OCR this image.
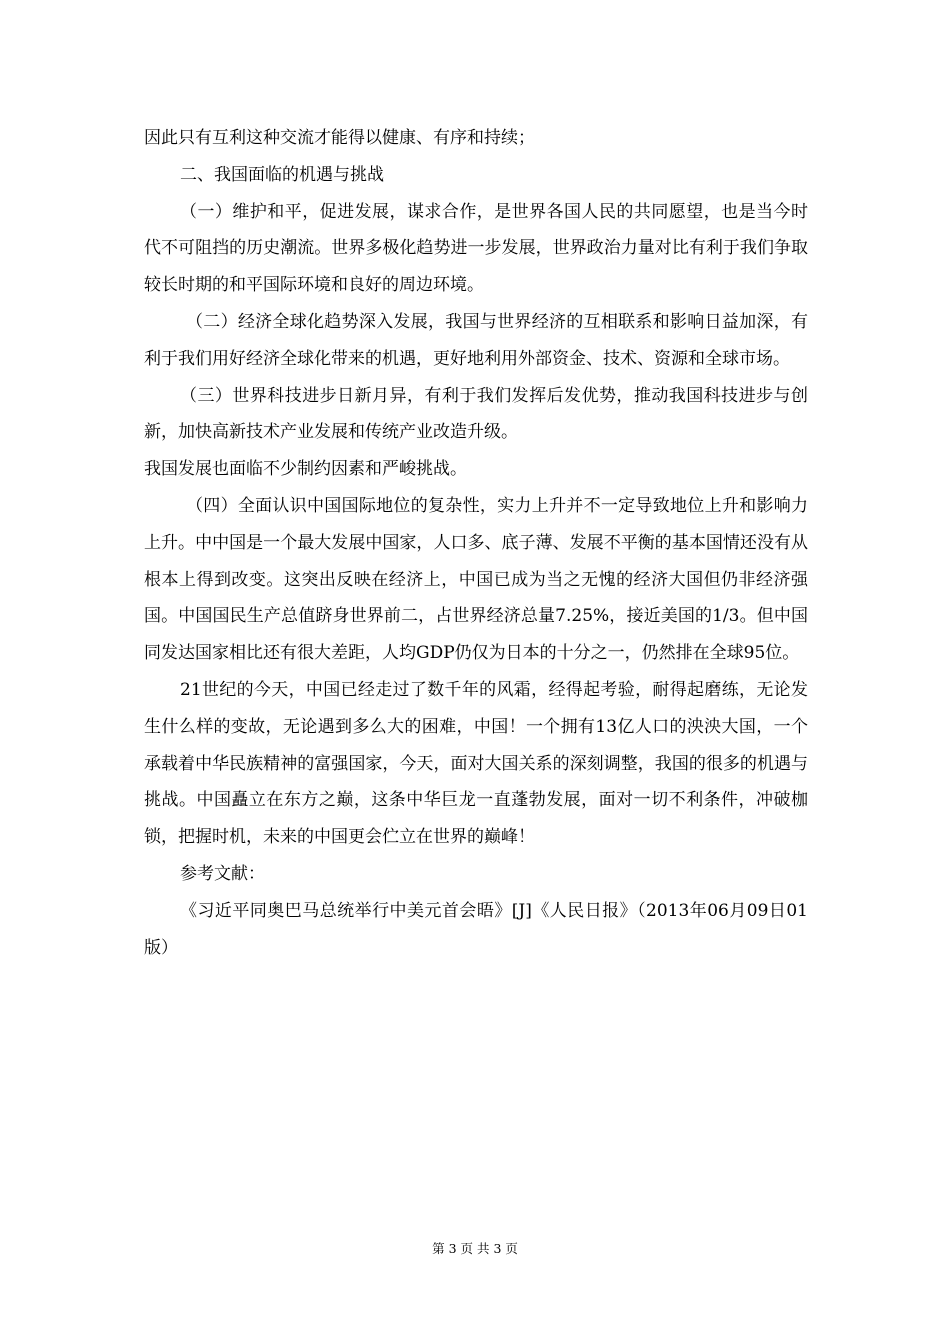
因此只有互利这种交流才能得以健康、有序和持续；

二、我国面临的机遇与挑战

（一）维护和平，促进发展，谋求合作，是世界各国人民的共同愿望，也是当今时代不可阻挡的历史潮流。世界多极化趋势进一步发展，世界政治力量对比有利于我们争取较长时期的和平国际环境和良好的周边环境。

（二）经济全球化趋势深入发展，我国与世界经济的互相联系和影响日益加深，有利于我们用好经济全球化带来的机遇，更好地利用外部资金、技术、资源和全球市场。

（三）世界科技进步日新月异，有利于我们发挥后发优势，推动我国科技进步与创新，加快高新技术产业发展和传统产业改造升级。

我国发展也面临不少制约因素和严峻挑战。

（四）全面认识中国国际地位的复杂性，实力上升并不一定导致地位上升和影响力上升。中中国是一个最大发展中国家，人口多、底子薄、发展不平衡的基本国情还没有从根本上得到改变。这突出反映在经济上，中国已成为当之无愧的经济大国但仍非经济强国。中国国民生产总值跻身世界前二，占世界经济总量7.25%，接近美国的1/3。但中国同发达国家相比还有很大差距，人均GDP仍仅为日本的十分之一，仍然排在全球95位。

21世纪的今天，中国已经走过了数千年的风霜，经得起考验，耐得起磨练，无论发生什么样的变故，无论遇到多么大的困难，中国！一个拥有13亿人口的泱泱大国，一个承载着中华民族精神的富强国家，今天，面对大国关系的深刻调整，我国的很多的机遇与挑战。中国矗立在东方之巅，这条中华巨龙一直蓬勃发展，面对一切不利条件，冲破枷锁，把握时机，未来的中国更会伫立在世界的巅峰！

参考文献：

《习近平同奥巴马总统举行中美元首会晤》[J]《人民日报》（2013年06月09日01版）

第 3 页 共 3 页
